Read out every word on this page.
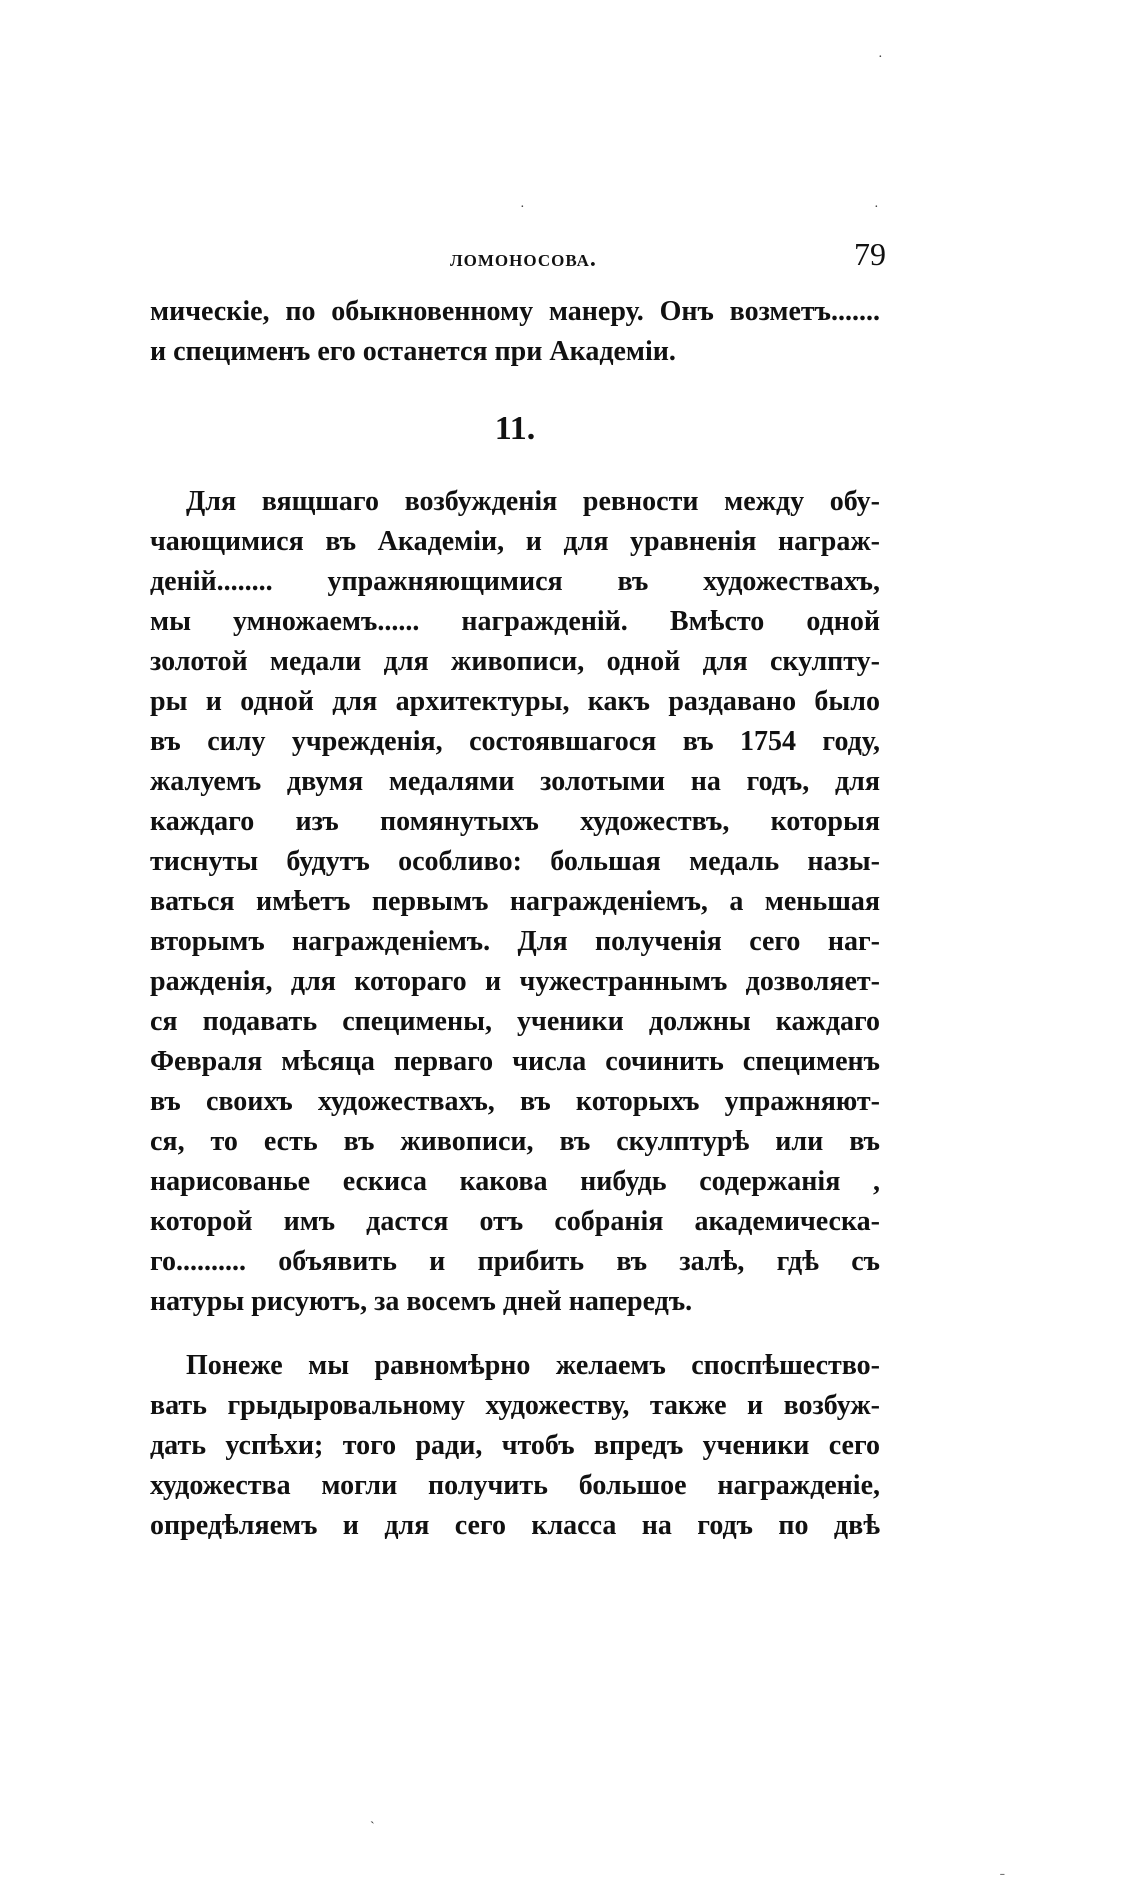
ломоносова.	79
мическіе, по обыкновенному манеру. Онъ возметъ.......
и специменъ его останется при Академіи.
11.
Для вящшаго возбужденія ревности между обу-
чающимися въ Академіи, и для уравненія награж-
деній........ упражняющимися въ художествахъ,
мы умножаемъ...... награжденій. Вмѣсто одной
золотой медали для живописи, одной для скулпту-
ры и одной для архитектуры, какъ раздавано было
въ силу учрежденія, состоявшагося въ 1754 году,
жалуемъ двумя медалями золотыми на годъ, для
каждаго изъ помянутыхъ художествъ, которыя
тиснуты будутъ особливо: большая медаль назы-
ваться имѣетъ первымъ награжденіемъ, а меньшая
вторымъ награжденіемъ. Для полученія сего наг-
ражденія, для котораго и чужестраннымъ дозволяет-
ся подавать специмены, ученики должны каждаго
Февраля мѣсяца перваго числа сочинить специменъ
въ своихъ художествахъ, въ которыхъ упражняют-
ся, то есть въ живописи, въ скулптурѣ или въ
нарисованье ескиса какова нибудь содержанія ,
которой имъ дастся отъ собранія академическа-
го.......... объявить и прибить въ залѣ, гдѣ съ
натуры рисуютъ, за восемъ дней напередъ.
Понеже мы равномѣрно желаемъ споспѣшество-
вать грыдыровальному художеству, также и возбуж-
дать успѣхи; того ради, чтобъ впредъ ученики сего
художества могли получить большое награжденіе,
опредѣляемъ и для сего класса на годъ по двѣ
·
·	·
ˋ
ˍ
